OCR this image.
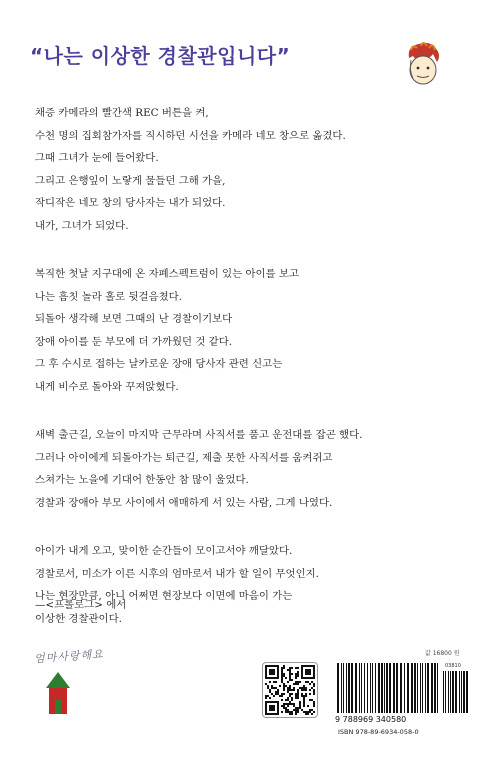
“나는 이상한 경찰관입니다”
채증 카메라의 빨간색 REC 버튼을 켜,
수천 명의 집회참가자를 직시하던 시선을 카메라 네모 창으로 옮겼다.
그때 그녀가 눈에 들어왔다.
그리고 은행잎이 노랗게 물들던 그해 가을,
작디작은 네모 창의 당사자는 내가 되었다.
내가, 그녀가 되었다.
복직한 첫날 지구대에 온 자폐스펙트럼이 있는 아이를 보고
나는 흠칫 놀라 홀로 뒷걸음쳤다.
되돌아 생각해 보면 그때의 난 경찰이기보다
장애 아이를 둔 부모에 더 가까웠던 것 같다.
그 후 수시로 접하는 날카로운 장애 당사자 관련 신고는
내게 비수로 돌아와 꾸져앉혔다.
새벽 출근길, 오늘이 마지막 근무라며 사직서를 품고 운전대를 잡곤 했다.
그러나 아이에게 되돌아가는 퇴근길, 제출 못한 사직서를 움켜쥐고
스쳐가는 노을에 기대어 한동안 참 많이 울었다.
경찰과 장애아 부모 사이에서 애매하게 서 있는 사람, 그게 나였다.
아이가 내게 오고, 맞이한 순간들이 모이고서야 깨달았다.
경찰로서, 미소가 이른 시후의 엄마로서 내가 할 일이 무엇인지.
나는 현장만큼, 아니 어쩌면 현장보다 이면에 마음이 가는
이상한 경찰관이다.
—<프롤로그> 에서
엄마사랑해요	값 16800 원
03810
9 788969 340580
ISBN 978-89-6934-058-0
